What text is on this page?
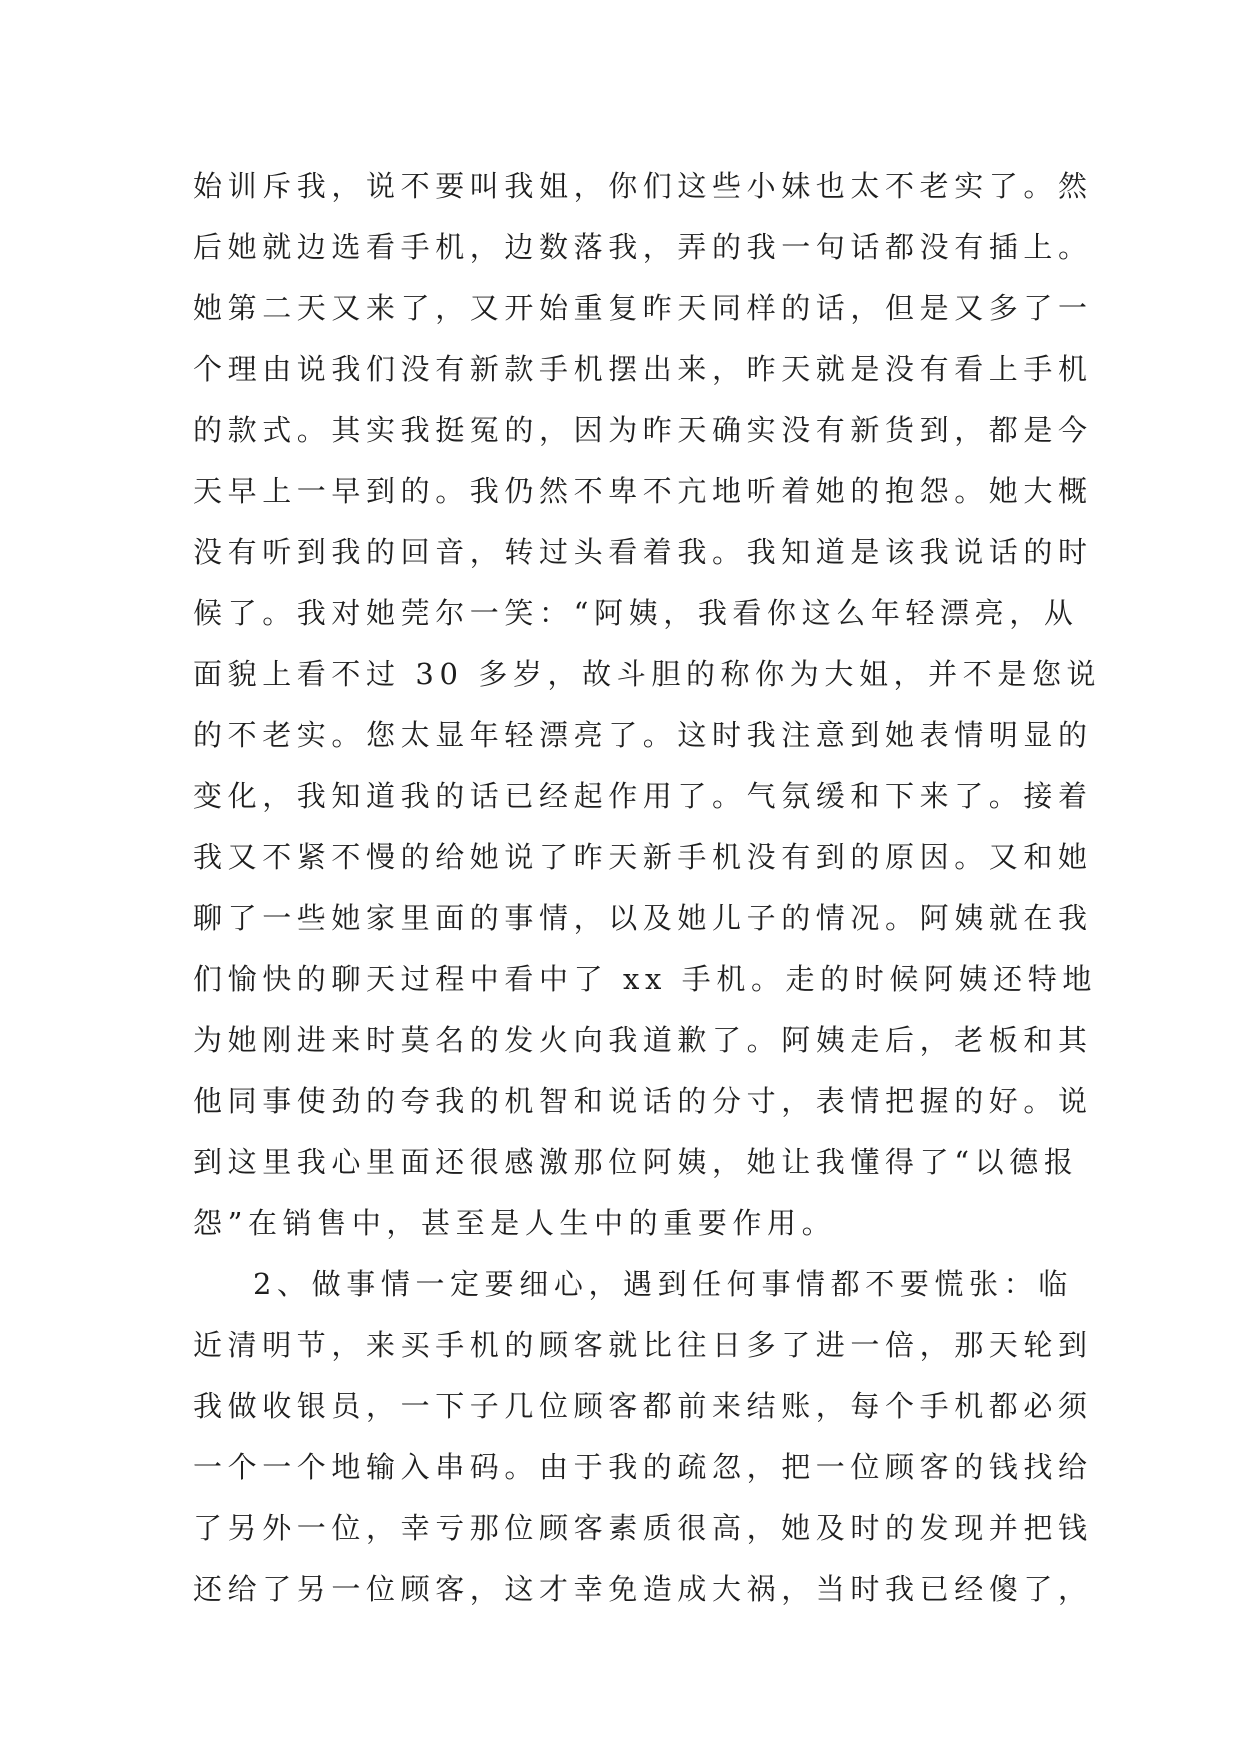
始训斥我，说不要叫我姐，你们这些小妹也太不老实了。然
后她就边选看手机，边数落我，弄的我一句话都没有插上。
她第二天又来了，又开始重复昨天同样的话，但是又多了一
个理由说我们没有新款手机摆出来，昨天就是没有看上手机
的款式。其实我挺冤的，因为昨天确实没有新货到，都是今
天早上一早到的。我仍然不卑不亢地听着她的抱怨。她大概
没有听到我的回音，转过头看着我。我知道是该我说话的时
候了。我对她莞尔一笑：“阿姨，我看你这么年轻漂亮，从
面貌上看不过 30 多岁，故斗胆的称你为大姐，并不是您说
的不老实。您太显年轻漂亮了。这时我注意到她表情明显的
变化，我知道我的话已经起作用了。气氛缓和下来了。接着
我又不紧不慢的给她说了昨天新手机没有到的原因。又和她
聊了一些她家里面的事情，以及她儿子的情况。阿姨就在我
们愉快的聊天过程中看中了 xx 手机。走的时候阿姨还特地
为她刚进来时莫名的发火向我道歉了。阿姨走后，老板和其
他同事使劲的夸我的机智和说话的分寸，表情把握的好。说
到这里我心里面还很感激那位阿姨，她让我懂得了“以德报
怨”在销售中，甚至是人生中的重要作用。
2、做事情一定要细心，遇到任何事情都不要慌张：临
近清明节，来买手机的顾客就比往日多了进一倍，那天轮到
我做收银员，一下子几位顾客都前来结账，每个手机都必须
一个一个地输入串码。由于我的疏忽，把一位顾客的钱找给
了另外一位，幸亏那位顾客素质很高，她及时的发现并把钱
还给了另一位顾客，这才幸免造成大祸，当时我已经傻了，
